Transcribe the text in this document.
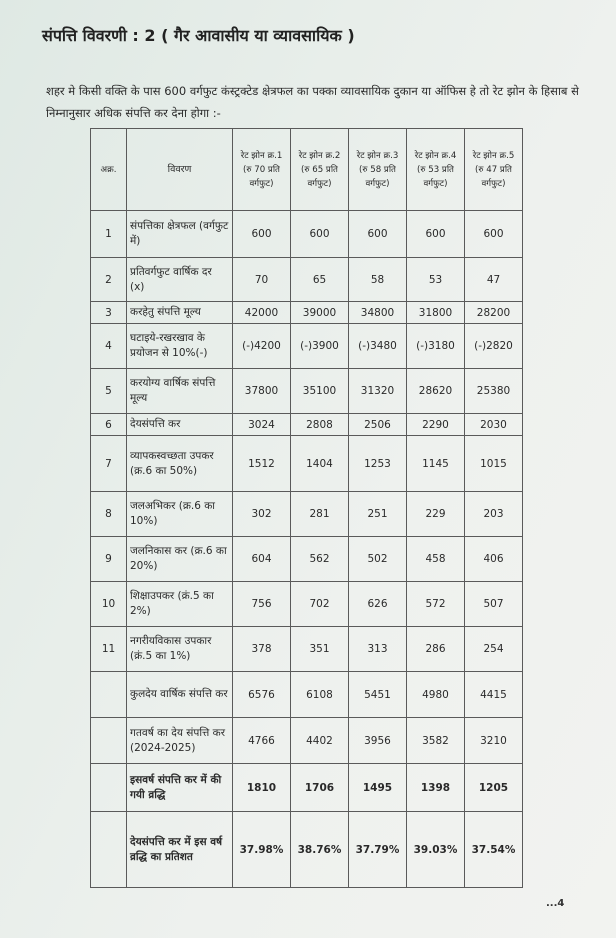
संपत्ति विवरणी : 2 ( गैर आवासीय या व्यावसायिक )
शहर मे किसी वक्ति के पास 600 वर्गफुट कंस्ट्रक्टेड क्षेत्रफल का पक्का व्यावसायिक दुकान या ऑफिस हे तो रेट झोन के हिसाब से निम्नानुसार अधिक संपत्ति कर देना होगा :-
अक्र.	विवरण	रेट झोन क्र.1 (रु 70 प्रति वर्गफुट)	रेट झोन क्र.2 (रु 65 प्रति वर्गफुट)	रेट झोन क्र.3 (रु 58 प्रति वर्गफुट)	रेट झोन क्र.4 (रु 53 प्रति वर्गफुट)	रेट झोन क्र.5 (रु 47 प्रति वर्गफुट)
1	संपत्तिका क्षेत्रफल (वर्गफुट में)	600	600	600	600	600
2	प्रतिवर्गफुट वार्षिक दर (x)	70	65	58	53	47
3	करहेतु संपत्ति मूल्य	42000	39000	34800	31800	28200
4	घटाइये-रखरखाव के प्रयोजन से 10%(-)	(-)4200	(-)3900	(-)3480	(-)3180	(-)2820
5	करयोग्य वार्षिक संपत्ति मूल्य	37800	35100	31320	28620	25380
6	देयसंपत्ति कर	3024	2808	2506	2290	2030
7	व्यापकस्वच्छता उपकर (क्र.6 का 50%)	1512	1404	1253	1145	1015
8	जलअभिकर (क्र.6 का 10%)	302	281	251	229	203
9	जलनिकास कर (क्र.6 का 20%)	604	562	502	458	406
10	शिक्षाउपकर (क्रं.5 का 2%)	756	702	626	572	507
11	नगरीयविकास उपकार (क्रं.5 का 1%)	378	351	313	286	254
	कुलदेय वार्षिक संपत्ति कर	6576	6108	5451	4980	4415
	गतवर्ष का देय संपत्ति कर (2024-2025)	4766	4402	3956	3582	3210
	इसवर्ष संपत्ति कर में की गयी व्रद्धि	1810	1706	1495	1398	1205
	देयसंपत्ति कर में इस वर्ष व्रद्धि का प्रतिशत	37.98%	38.76%	37.79%	39.03%	37.54%
...4
